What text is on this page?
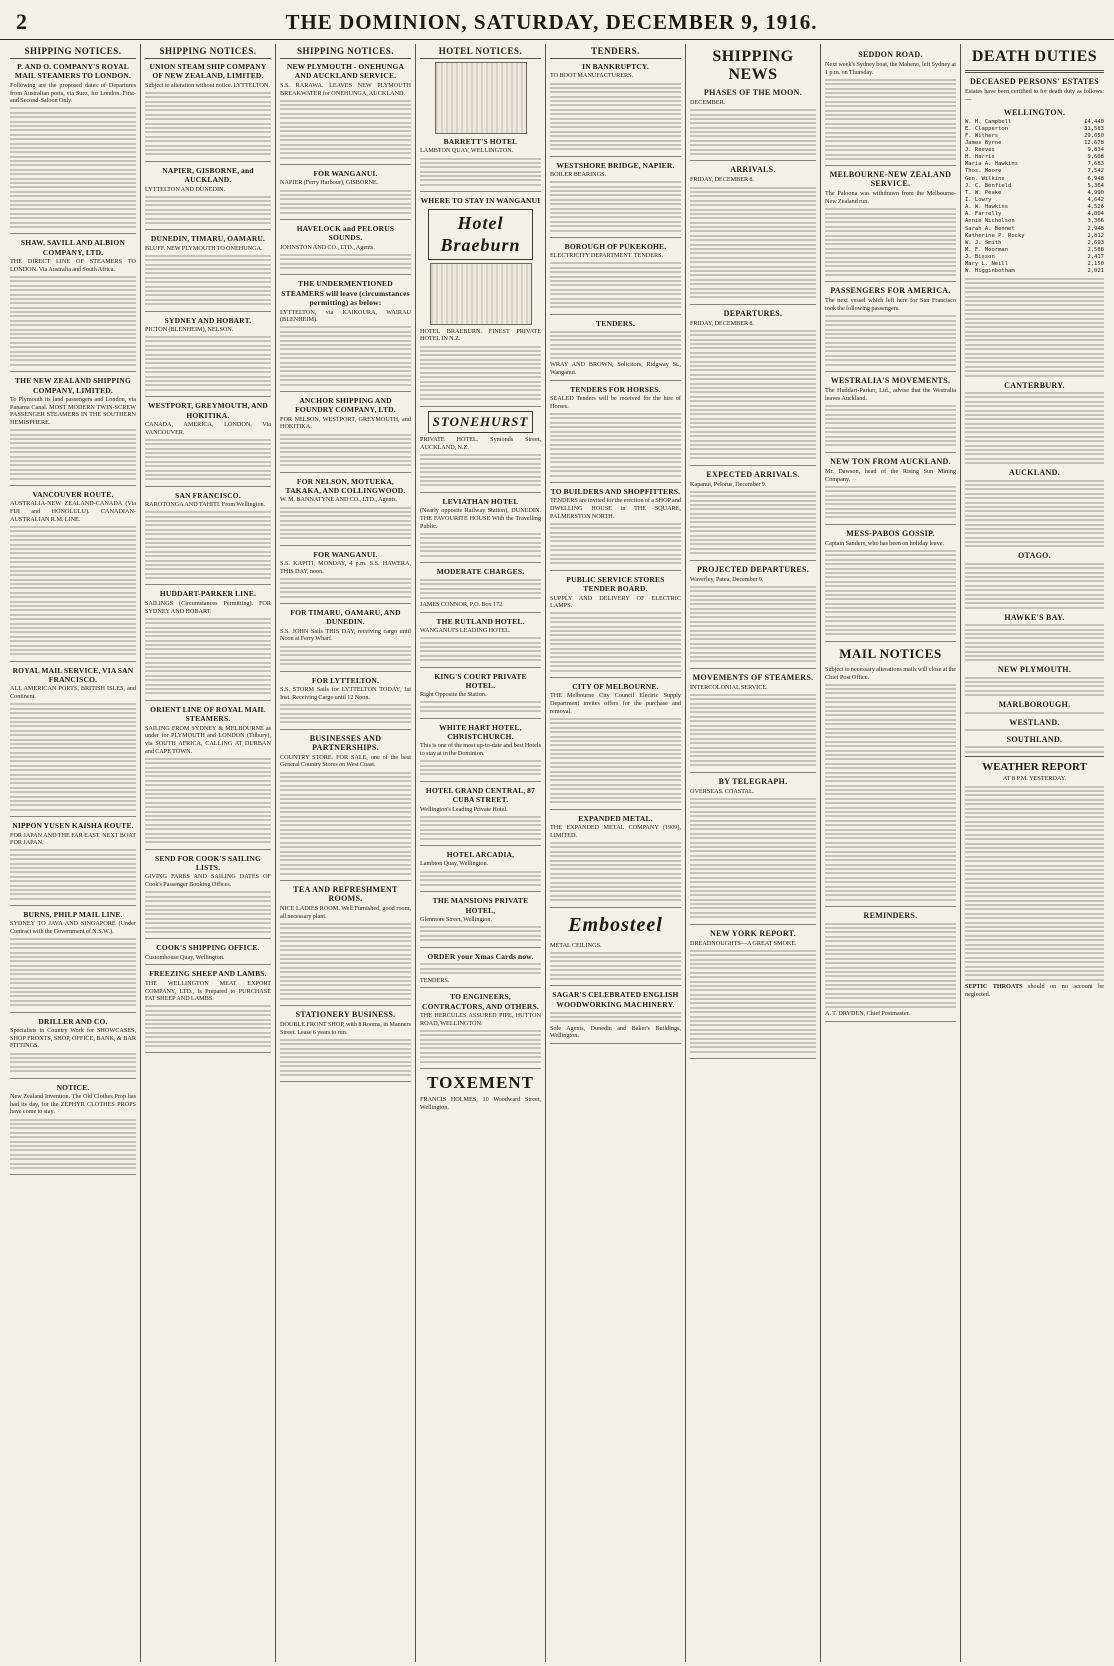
2	THE DOMINION, SATURDAY, DECEMBER 9, 1916.
SHIPPING NOTICES.
P. AND O. COMPANY'S ROYAL MAIL STEAMERS TO LONDON.
Following are the proposed dates of Departures from Australian ports, via Suez, for London. First- and Second-Saloon Only.
SHAW, SAVILL AND ALBION COMPANY, LTD.
THE DIRECT LINE OF STEAMERS TO LONDON. Via Australia and South Africa.
THE NEW ZEALAND SHIPPING COMPANY, LIMITED.
To Plymouth its land passengers and London, via Panama Canal. MOST MODERN TWIN-SCREW PASSENGER STEAMERS IN THE SOUTHERN HEMISPHERE.
VANCOUVER ROUTE.
AUSTRALIA-NEW ZEALAND-CANADA (Via FIJI and HONOLULU). CANADIAN-AUSTRALIAN R.M. LINE.
ROYAL MAIL SERVICE, VIA SAN FRANCISCO.
ALL AMERICAN PORTS, BRITISH ISLES, and Continent.
NIPPON YUSEN KAISHA ROUTE.
FOR JAPAN AND THE FAR EAST. NEXT BOAT FOR JAPAN.
BURNS, PHILP MAIL LINE.
SYDNEY TO JAVA AND SINGAPORE (Under Contract with the Government of N.S.W.).
DRILLER AND CO.
Specialists in Country Work for SHOWCASES, SHOP FRONTS, SHOP, OFFICE, BANK, & BAR FITTINGS.
NOTICE.
New Zealand Invention. The Old Clothes Prop has had its day, for the ZEPHYR CLOTHES PROPS have come to stay.
SHIPPING NOTICES.
UNION STEAM SHIP COMPANY OF NEW ZEALAND, LIMITED.
Subject to alteration without notice. LYTTELTON.
NAPIER, GISBORNE, and AUCKLAND.
LYTTELTON AND DUNEDIN.
DUNEDIN, TIMARU, OAMARU.
BLUFF. NEW PLYMOUTH TO ONEHUNGA.
SYDNEY AND HOBART.
PICTON (BLENHEIM), NELSON.
WESTPORT, GREYMOUTH, AND HOKITIKA.
CANADA, AMERICA, LONDON, Via VANCOUVER.
SAN FRANCISCO.
RAROTONGA AND TAHITI. From Wellington.
HUDDART-PARKER LINE.
SAILINGS (Circumstances Permitting). FOR SYDNEY AND HOBART.
ORIENT LINE OF ROYAL MAIL STEAMERS.
SAILING FROM SYDNEY & MELBOURNE as under for PLYMOUTH and LONDON (Tilbury), via SOUTH AFRICA, CALLING AT DURBAN and CAPE TOWN.
SEND FOR COOK'S SAILING LISTS.
GIVING FARES AND SAILING DATES OF Cook's Passenger Booking Offices.
COOK'S SHIPPING OFFICE.
Customhouse Quay, Wellington.
FREEZING SHEEP AND LAMBS.
THE WELLINGTON MEAT EXPORT COMPANY, LTD., Is Prepared to PURCHASE FAT SHEEP AND LAMBS.
SHIPPING NOTICES.
NEW PLYMOUTH - ONEHUNGA AND AUCKLAND SERVICE.
S.S. RARAWA. LEAVES NEW PLYMOUTH BREAKWATER for ONEHUNGA, AUCKLAND.
FOR WANGANUI.
NAPIER (Ferry Harbour), GISBORNE.
HAVELOCK and PELORUS SOUNDS.
JOHNSTON AND CO., LTD., Agents.
THE UNDERMENTIONED STEAMERS will leave (circumstances permitting) as below:
LYTTELTON, via KAIKOURA, WAIRAU (BLENHEIM).
ANCHOR SHIPPING AND FOUNDRY COMPANY, LTD.
FOR NELSON, WESTPORT, GREYMOUTH, and HOKITIKA.
FOR NELSON, MOTUEKA, TAKAKA, AND COLLINGWOOD.
W. M. BANNATYNE AND CO., LTD., Agents.
FOR WANGANUI.
S.S. KAPITI, MONDAY, 4 p.m. S.S. HAWERA, THIS DAY, noon.
FOR TIMARU, OAMARU, AND DUNEDIN.
S.S. JOHN Sails THIS DAY, receiving cargo until Noon at Ferry Wharf.
FOR LYTTELTON.
S.S. STORM Sails for LYTTELTON TODAY, 1st Inst. Receiving Cargo until 12 Noon.
BUSINESSES AND PARTNERSHIPS.
COUNTRY STORE. FOR SALE, one of the best General Country Stores on West Coast.
TEA AND REFRESHMENT ROOMS.
NICE LADIES ROOM. Well Furnished, good room, all necessary plant.
STATIONERY BUSINESS.
DOUBLE FRONT SHOP, with 8 Rooms, in Manners Street. Lease 6 years to run.
HOTEL NOTICES.
BARRETT'S HOTEL
LAMBTON QUAY, WELLINGTON.
WHERE TO STAY IN WANGANUI
Hotel Braeburn
HOTEL BRAEBURN. FINEST PRIVATE HOTEL IN N.Z.
STONEHURST
PRIVATE HOTEL. Symonds Street, AUCKLAND, N.Z.
LEVIATHAN HOTEL
(Nearly opposite Railway Station), DUNEDIN. THE FAVOURITE HOUSE With the Travelling Public.
MODERATE CHARGES.
JAMES CONNOR, P.O. Box 172.
THE RUTLAND HOTEL.
WANGANUI'S LEADING HOTEL.
KING'S COURT PRIVATE HOTEL.
Right Opposite the Station.
WHITE HART HOTEL, CHRISTCHURCH.
This is one of the most up-to-date and best Hotels to stay at in the Dominion.
HOTEL GRAND CENTRAL, 87 CUBA STREET.
Wellington's Leading Private Hotel.
HOTEL ARCADIA,
Lambton Quay, Wellington.
THE MANSIONS PRIVATE HOTEL,
Glenmore Street, Wellington.
ORDER your Xmas Cards now.
TENDERS.
TO ENGINEERS, CONTRACTORS, AND OTHERS.
THE HERCULES ASSURED PIPE, HUTTON ROAD, WELLINGTON.
TOXEMENT
FRANCIS HOLMES, 10 Woodward Street, Wellington.
TENDERS.
IN BANKRUPTCY.
TO BOOT MANUFACTURERS.
WESTSHORE BRIDGE, NAPIER.
BOILER BEARINGS.
BOROUGH OF PUKEKOHE.
ELECTRICITY DEPARTMENT. TENDERS.
TENDERS.
WRAY AND BROWN, Solicitors, Ridgway St., Wanganui.
TENDERS FOR HORSES.
SEALED Tenders will be received for the hire of Horses.
TO BUILDERS AND SHOPFITTERS.
TENDERS are invited for the erection of a SHOP and DWELLING HOUSE in THE SQUARE, PALMERSTON NORTH.
PUBLIC SERVICE STORES TENDER BOARD.
SUPPLY AND DELIVERY OF ELECTRIC LAMPS.
CITY OF MELBOURNE.
THE Melbourne City Council Electric Supply Department invites offers for the purchase and removal.
EXPANDED METAL.
THE EXPANDED METAL COMPANY (1909), LIMITED.
Embosteel
METAL CEILINGS.
SAGAR'S CELEBRATED ENGLISH WOODWORKING MACHINERY.
Sole Agents, Dunedin and Baker's Buildings, Wellington.
SHIPPING NEWS
PHASES OF THE MOON.
DECEMBER.
ARRIVALS.
FRIDAY, DECEMBER 8.
DEPARTURES.
FRIDAY, DECEMBER 8.
EXPECTED ARRIVALS.
Kapanui, Pelorus, December 9.
PROJECTED DEPARTURES.
Waverley, Patea, December 9.
MOVEMENTS OF STEAMERS.
INTERCOLONIAL SERVICE.
BY TELEGRAPH.
OVERSEAS. COASTAL.
NEW YORK REPORT.
DREADNOUGHTS—A GREAT SMOKE.
SEDDON ROAD.
Next week's Sydney boat, the Maheno, left Sydney at 1 p.m. on Thursday.
MELBOURNE-NEW ZEALAND SERVICE.
The Paloona was withdrawn from the Melbourne-New Zealand run.
PASSENGERS FOR AMERICA.
The next vessel which left here for San Francisco took the following passengers.
WESTRALIA'S MOVEMENTS.
The Huddart-Parker, Ltd., advise that the Westralia leaves Auckland.
NEW TON FROM AUCKLAND.
Mr. Dawson, head of the Rising Sun Mining Company.
MESS-PABOS GOSSIP.
Captain Sanders, who has been on holiday leave.
MAIL NOTICES
Subject to necessary alterations mails will close at the Chief Post Office.
REMINDERS.
A. T. DRYDEN, Chief Postmaster.
DEATH DUTIES
DECEASED PERSONS' ESTATES
Estates have been certified to for death duty as follows:—
WELLINGTON.
W. H. Campbell	£4,440
E. Clapperton	31,583
F. Withers	29,050
James Byrne	12,678
J. Reeves	9,834
H. Harris	9,608
Maria A. Hawkins	7,683
Thos. Moore	7,542
Geo. Wilkins	6,948
J. C. Benfield	5,364
T. W. Peake	4,990
I. Lowry	4,642
A. W. Hawkins	4,526
A. Farrelly	4,004
Annie Nicholson	3,366
Sarah A. Bennet	2,948
Katherine P. Rocky	2,812
W. J. Smith	2,693
M. F. Moorman	2,588
J. Bisson	2,417
Mary L. Neill	2,150
W. Higginbotham	2,021
CANTERBURY.
AUCKLAND.
OTAGO.
HAWKE'S BAY.
NEW PLYMOUTH.
MARLBOROUGH.
WESTLAND.
SOUTHLAND.
WEATHER REPORT
AT 8 P.M. YESTERDAY.
SEPTIC THROATS should on no account be neglected.
